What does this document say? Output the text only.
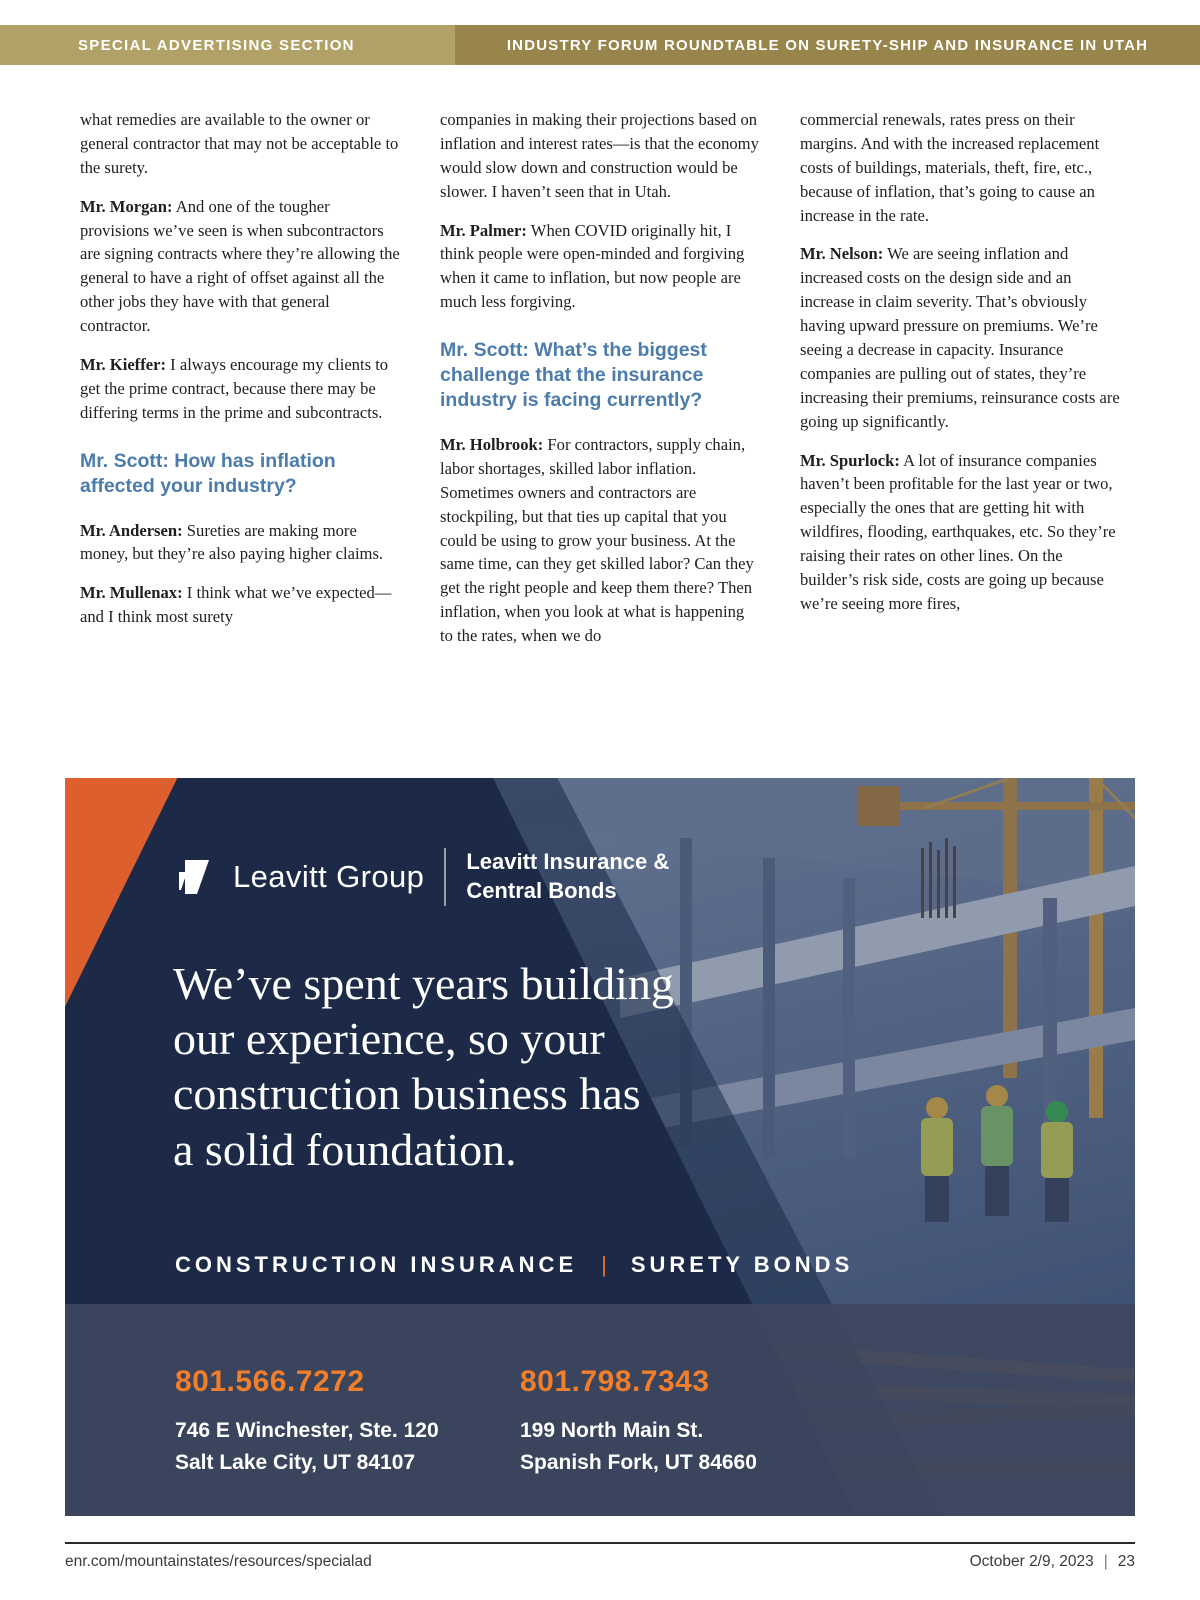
SPECIAL ADVERTISING SECTION	INDUSTRY FORUM ROUNDTABLE ON SURETY-SHIP AND INSURANCE IN UTAH

what remedies are available to the owner or general contractor that may not be acceptable to the surety.

Mr. Morgan: And one of the tougher provisions we’ve seen is when subcontractors are signing contracts where they’re allowing the general to have a right of offset against all the other jobs they have with that general contractor.

Mr. Kieffer: I always encourage my clients to get the prime contract, because there may be differing terms in the prime and subcontracts.

Mr. Scott: How has inflation affected your industry?

Mr. Andersen: Sureties are making more money, but they’re also paying higher claims.

Mr. Mullenax: I think what we’ve expected—and I think most surety

companies in making their projections based on inflation and interest rates—is that the economy would slow down and construction would be slower. I haven’t seen that in Utah.

Mr. Palmer: When COVID originally hit, I think people were open-minded and forgiving when it came to inflation, but now people are much less forgiving.

Mr. Scott: What’s the biggest challenge that the insurance industry is facing currently?

Mr. Holbrook: For contractors, supply chain, labor shortages, skilled labor inflation. Sometimes owners and contractors are stockpiling, but that ties up capital that you could be using to grow your business. At the same time, can they get skilled labor? Can they get the right people and keep them there? Then inflation, when you look at what is happening to the rates, when we do

commercial renewals, rates press on their margins. And with the increased replacement costs of buildings, materials, theft, fire, etc., because of inflation, that’s going to cause an increase in the rate.

Mr. Nelson: We are seeing inflation and increased costs on the design side and an increase in claim severity. That’s obviously having upward pressure on premiums. We’re seeing a decrease in capacity. Insurance companies are pulling out of states, they’re increasing their premiums, reinsurance costs are going up significantly.

Mr. Spurlock: A lot of insurance companies haven’t been profitable for the last year or two, especially the ones that are getting hit with wildfires, flooding, earthquakes, etc. So they’re raising their rates on other lines. On the builder’s risk side, costs are going up because we’re seeing more fires,

Leavitt Group Leavitt Insurance &
Central Bonds
We’ve spent years building
our experience, so your
construction business has
a solid foundation.
CONSTRUCTION INSURANCE | SURETY BONDS
801.566.7272
746 E Winchester, Ste. 120
Salt Lake City, UT 84107
801.798.7343
199 North Main St.
Spanish Fork, UT 84660
enr.com/mountainstates/resources/specialad	October 2/9, 2023 | 23
